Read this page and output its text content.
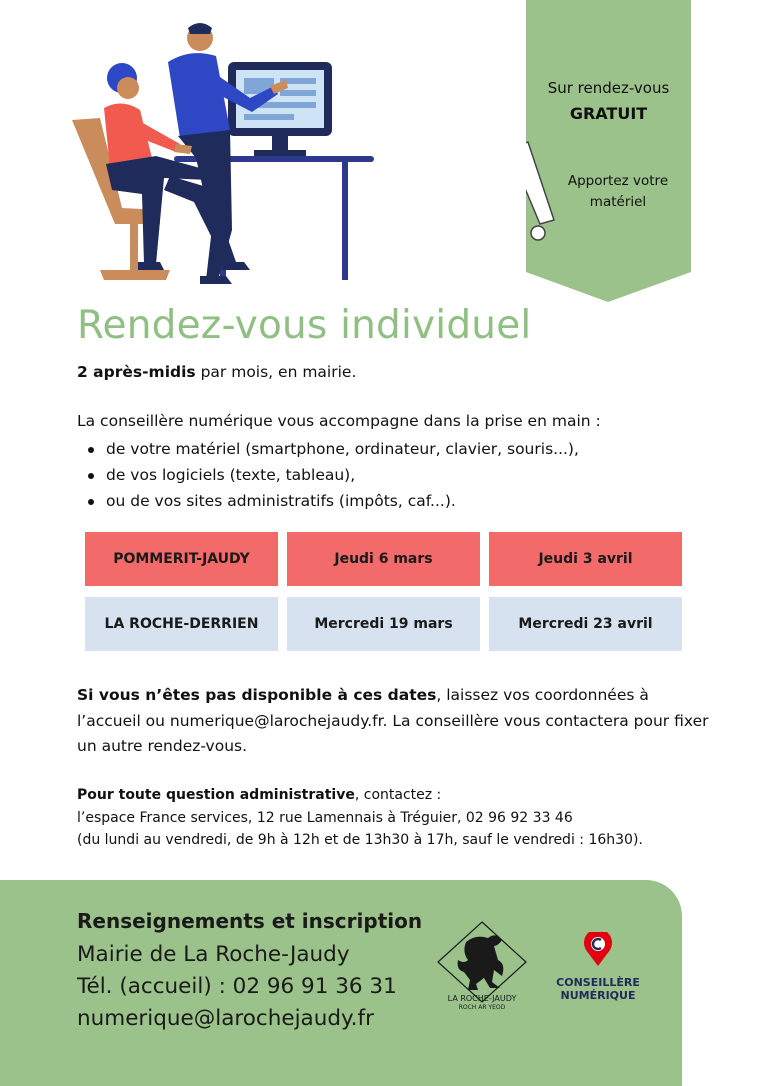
Sur rendez-vous
GRATUIT
Apportez votre matériel
Rendez-vous individuel
2 après-midis par mois, en mairie.
La conseillère numérique vous accompagne dans la prise en main :
de votre matériel (smartphone, ordinateur, clavier, souris...),
de vos logiciels (texte, tableau),
ou de vos sites administratifs (impôts, caf...).
POMMERIT-JAUDY	Jeudi 6 mars	Jeudi 3 avril
LA ROCHE-DERRIEN	Mercredi 19 mars	Mercredi 23 avril
Si vous n’êtes pas disponible à ces dates, laissez vos coordonnées à l’accueil ou numerique@larochejaudy.fr. La conseillère vous contactera pour fixer un autre rendez-vous.
Pour toute question administrative, contactez :
l’espace France services, 12 rue Lamennais à Tréguier, 02 96 92 33 46
(du lundi au vendredi, de 9h à 12h et de 13h30 à 17h, sauf le vendredi : 16h30).
Renseignements et inscription
Mairie de La Roche-Jaudy
Tél. (accueil) : 02 96 91 36 31
numerique@larochejaudy.fr
LA ROCHE-JAUDY
ROCH AR YEOD
CONSEILLÈRE
NUMÉRIQUE
